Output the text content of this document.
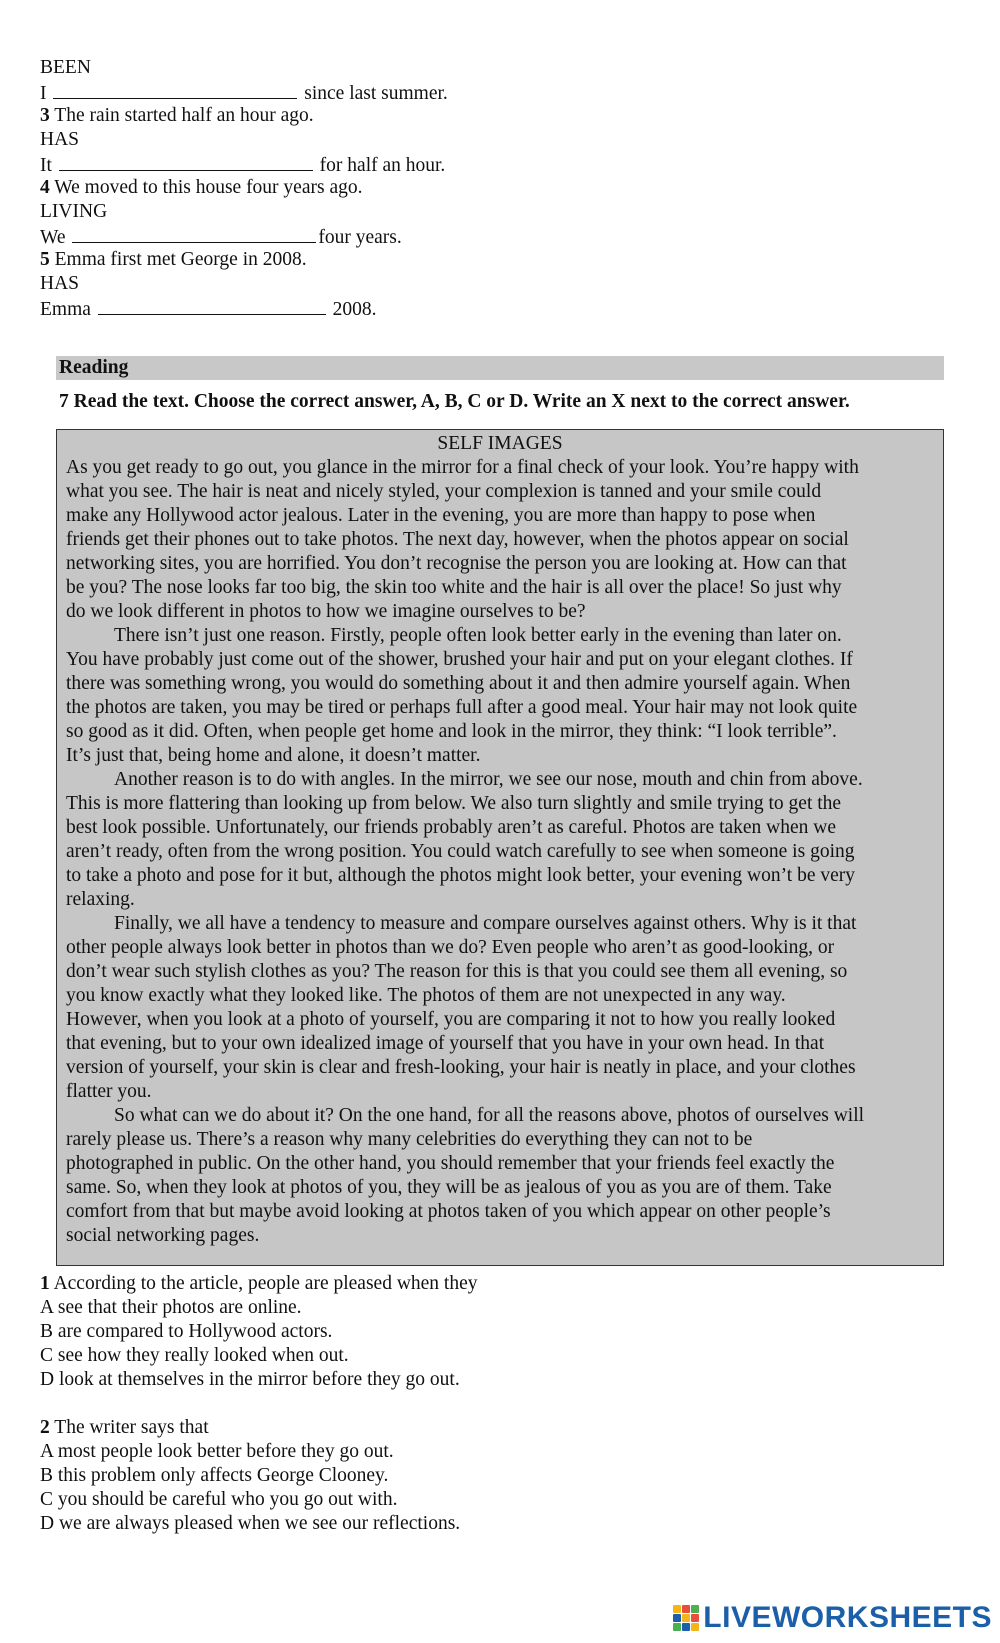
BEEN
I	since last summer.
3 The rain started half an hour ago.
HAS
It	for half an hour.
4 We moved to this house four years ago.
LIVING
We	four years.
5 Emma first met George in 2008.
HAS
Emma	2008.
Reading
7 Read the text. Choose the correct answer, A, B, C or D. Write an X next to the correct answer.
SELF IMAGES
As you get ready to go out, you glance in the mirror for a final check of your look. You’re happy with
what you see. The hair is neat and nicely styled, your complexion is tanned and your smile could
make any Hollywood actor jealous. Later in the evening, you are more than happy to pose when
friends get their phones out to take photos. The next day, however, when the photos appear on social
networking sites, you are horrified. You don’t recognise the person you are looking at. How can that
be you? The nose looks far too big, the skin too white and the hair is all over the place! So just why
do we look different in photos to how we imagine ourselves to be?
There isn’t just one reason. Firstly, people often look better early in the evening than later on.
You have probably just come out of the shower, brushed your hair and put on your elegant clothes. If
there was something wrong, you would do something about it and then admire yourself again. When
the photos are taken, you may be tired or perhaps full after a good meal. Your hair may not look quite
so good as it did. Often, when people get home and look in the mirror, they think: “I look terrible”.
It’s just that, being home and alone, it doesn’t matter.
Another reason is to do with angles. In the mirror, we see our nose, mouth and chin from above.
This is more flattering than looking up from below. We also turn slightly and smile trying to get the
best look possible. Unfortunately, our friends probably aren’t as careful. Photos are taken when we
aren’t ready, often from the wrong position. You could watch carefully to see when someone is going
to take a photo and pose for it but, although the photos might look better, your evening won’t be very
relaxing.
Finally, we all have a tendency to measure and compare ourselves against others. Why is it that
other people always look better in photos than we do? Even people who aren’t as good-looking, or
don’t wear such stylish clothes as you? The reason for this is that you could see them all evening, so
you know exactly what they looked like. The photos of them are not unexpected in any way.
However, when you look at a photo of yourself, you are comparing it not to how you really looked
that evening, but to your own idealized image of yourself that you have in your own head. In that
version of yourself, your skin is clear and fresh-looking, your hair is neatly in place, and your clothes
flatter you.
So what can we do about it? On the one hand, for all the reasons above, photos of ourselves will
rarely please us. There’s a reason why many celebrities do everything they can not to be
photographed in public. On the other hand, you should remember that your friends feel exactly the
same. So, when they look at photos of you, they will be as jealous of you as you are of them. Take
comfort from that but maybe avoid looking at photos taken of you which appear on other people’s
social networking pages.
1 According to the article, people are pleased when they
A see that their photos are online.
B are compared to Hollywood actors.
C see how they really looked when out.
D look at themselves in the mirror before they go out.
2 The writer says that
A most people look better before they go out.
B this problem only affects George Clooney.
C you should be careful who you go out with.
D we are always pleased when we see our reflections.
LIVEWORKSHEETS
